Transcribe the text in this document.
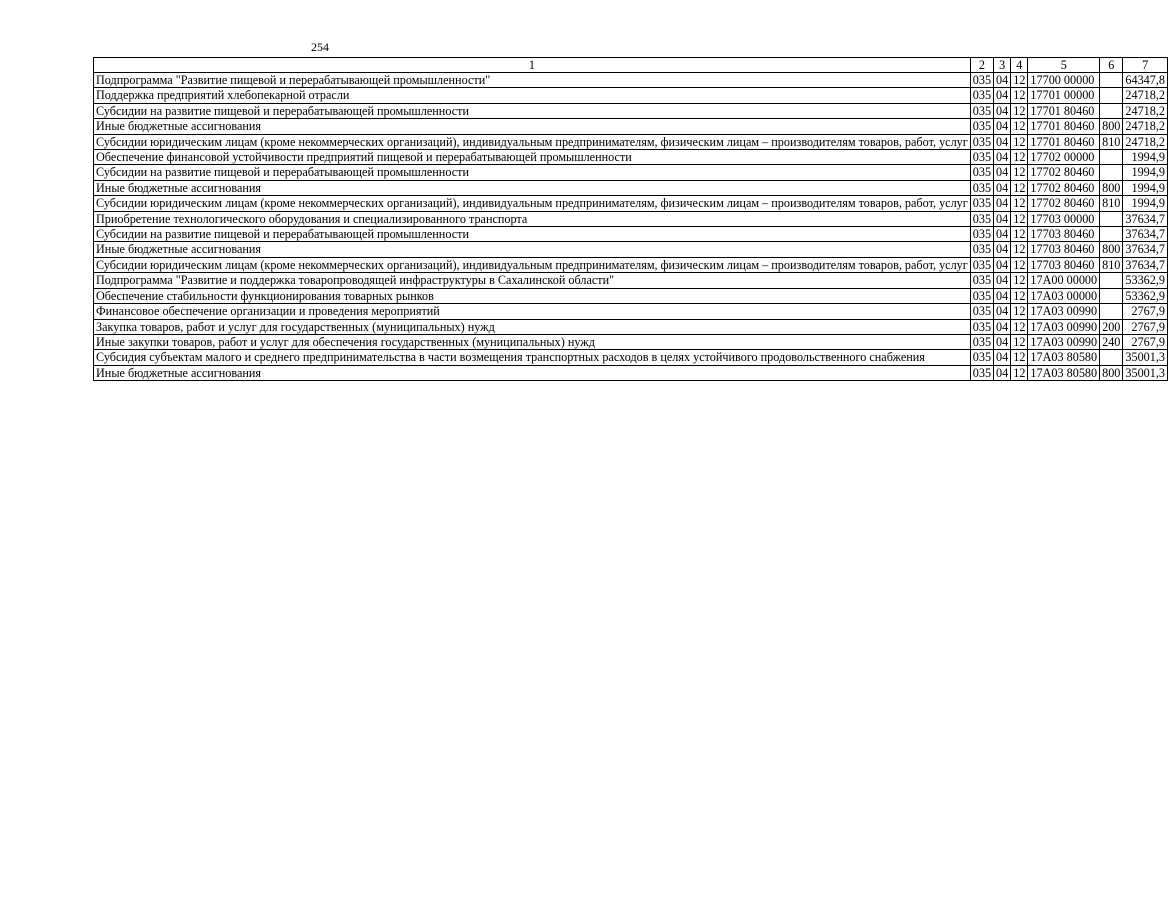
254
1	2	3	4	5	6	7
Подпрограмма "Развитие пищевой и перерабатывающей промышленности"	035	04	12	17700 00000		64347,8
Поддержка предприятий хлебопекарной отрасли	035	04	12	17701 00000		24718,2
Субсидии на развитие пищевой и перерабатывающей промышленности	035	04	12	17701 80460		24718,2
Иные бюджетные ассигнования	035	04	12	17701 80460	800	24718,2
Субсидии юридическим лицам (кроме некоммерческих организаций), индивидуальным предпринимателям, физическим лицам – производителям товаров, работ, услуг	035	04	12	17701 80460	810	24718,2
Обеспечение финансовой устойчивости предприятий пищевой и перерабатывающей промышленности	035	04	12	17702 00000		1994,9
Субсидии на развитие пищевой и перерабатывающей промышленности	035	04	12	17702 80460		1994,9
Иные бюджетные ассигнования	035	04	12	17702 80460	800	1994,9
Субсидии юридическим лицам (кроме некоммерческих организаций), индивидуальным предпринимателям, физическим лицам – производителям товаров, работ, услуг	035	04	12	17702 80460	810	1994,9
Приобретение технологического оборудования и специализированного транспорта	035	04	12	17703 00000		37634,7
Субсидии на развитие пищевой и перерабатывающей промышленности	035	04	12	17703 80460		37634,7
Иные бюджетные ассигнования	035	04	12	17703 80460	800	37634,7
Субсидии юридическим лицам (кроме некоммерческих организаций), индивидуальным предпринимателям, физическим лицам – производителям товаров, работ, услуг	035	04	12	17703 80460	810	37634,7
Подпрограмма "Развитие и поддержка товаропроводящей инфраструктуры в Сахалинской области"	035	04	12	17А00 00000		53362,9
Обеспечение стабильности функционирования товарных рынков	035	04	12	17А03 00000		53362,9
Финансовое обеспечение организации и проведения мероприятий	035	04	12	17А03 00990		2767,9
Закупка товаров, работ и услуг для государственных (муниципальных) нужд	035	04	12	17А03 00990	200	2767,9
Иные закупки товаров, работ и услуг для обеспечения государственных (муниципальных) нужд	035	04	12	17А03 00990	240	2767,9
Субсидия субъектам малого и среднего предпринимательства в части возмещения транспортных расходов в целях устойчивого продовольственного снабжения	035	04	12	17А03 80580		35001,3
Иные бюджетные ассигнования	035	04	12	17А03 80580	800	35001,3
